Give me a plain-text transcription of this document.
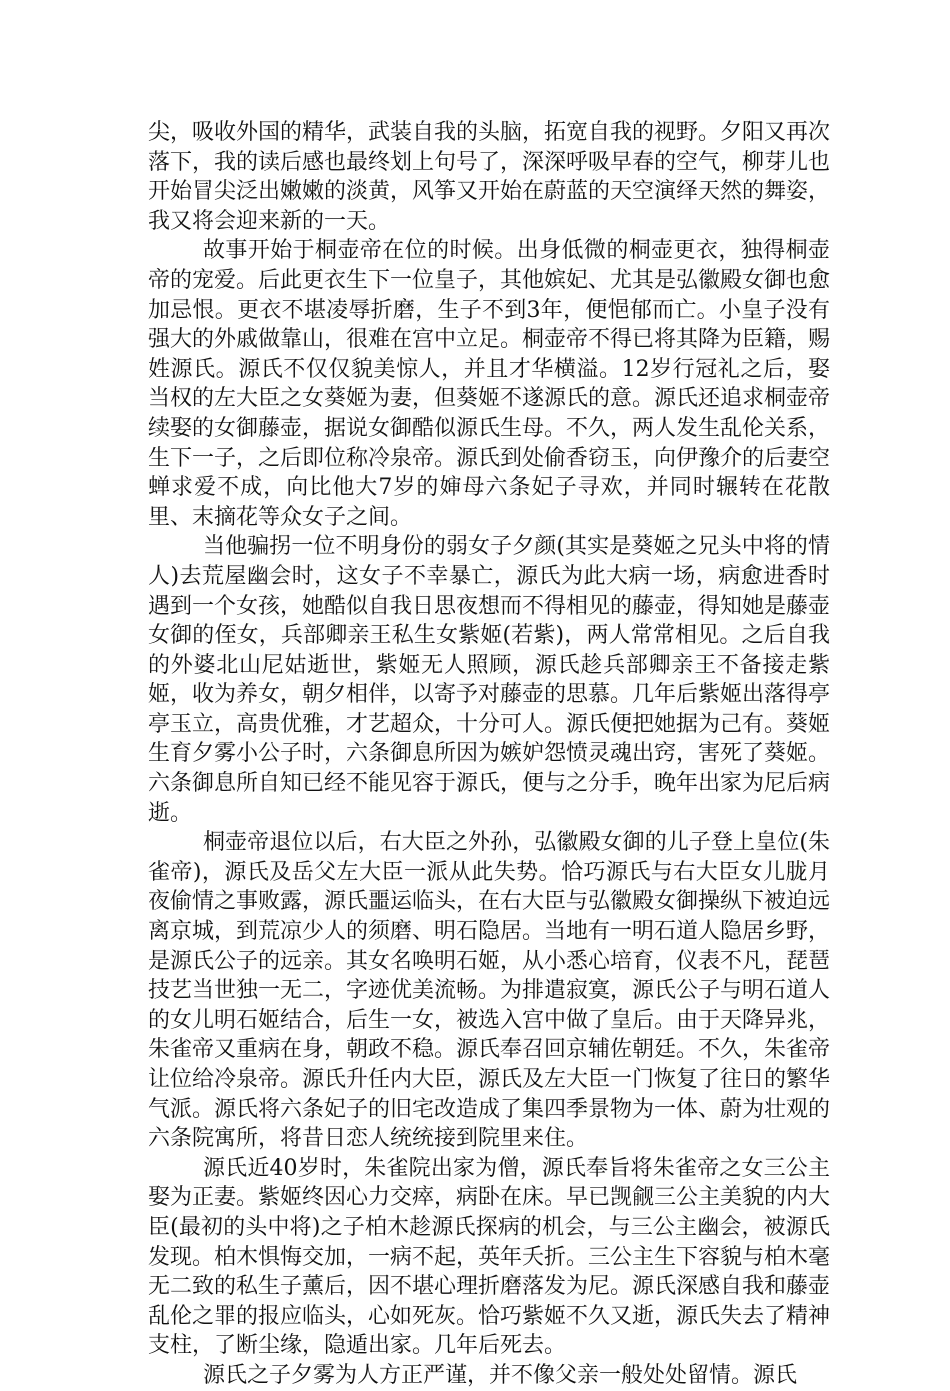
尖，吸收外国的精华，武装自我的头脑，拓宽自我的视野。夕阳又再次落下，我的读后感也最终划上句号了，深深呼吸早春的空气，柳芽儿也开始冒尖泛出嫩嫩的淡黄，风筝又开始在蔚蓝的天空演绎天然的舞姿，我又将会迎来新的一天。

故事开始于桐壶帝在位的时候。出身低微的桐壶更衣，独得桐壶帝的宠爱。后此更衣生下一位皇子，其他嫔妃、尤其是弘徽殿女御也愈加忌恨。更衣不堪凌辱折磨，生子不到3年，便悒郁而亡。小皇子没有强大的外戚做靠山，很难在宫中立足。桐壶帝不得已将其降为臣籍，赐姓源氏。源氏不仅仅貌美惊人，并且才华横溢。12岁行冠礼之后，娶当权的左大臣之女葵姬为妻，但葵姬不遂源氏的意。源氏还追求桐壶帝续娶的女御藤壶，据说女御酷似源氏生母。不久，两人发生乱伦关系，生下一子，之后即位称冷泉帝。源氏到处偷香窃玉，向伊豫介的后妻空蝉求爱不成，向比他大7岁的婶母六条妃子寻欢，并同时辗转在花散里、末摘花等众女子之间。

当他骗拐一位不明身份的弱女子夕颜(其实是葵姬之兄头中将的情人)去荒屋幽会时，这女子不幸暴亡，源氏为此大病一场，病愈进香时遇到一个女孩，她酷似自我日思夜想而不得相见的藤壶，得知她是藤壶女御的侄女，兵部卿亲王私生女紫姬(若紫)，两人常常相见。之后自我的外婆北山尼姑逝世，紫姬无人照顾，源氏趁兵部卿亲王不备接走紫姬，收为养女，朝夕相伴，以寄予对藤壶的思慕。几年后紫姬出落得亭亭玉立，高贵优雅，才艺超众，十分可人。源氏便把她据为己有。葵姬生育夕雾小公子时，六条御息所因为嫉妒怨愤灵魂出窍，害死了葵姬。六条御息所自知已经不能见容于源氏，便与之分手，晚年出家为尼后病逝。

桐壶帝退位以后，右大臣之外孙，弘徽殿女御的儿子登上皇位(朱雀帝)，源氏及岳父左大臣一派从此失势。恰巧源氏与右大臣女儿胧月夜偷情之事败露，源氏噩运临头，在右大臣与弘徽殿女御操纵下被迫远离京城，到荒凉少人的须磨、明石隐居。当地有一明石道人隐居乡野，是源氏公子的远亲。其女名唤明石姬，从小悉心培育，仪表不凡，琵琶技艺当世独一无二，字迹优美流畅。为排遣寂寞，源氏公子与明石道人的女儿明石姬结合，后生一女，被选入宫中做了皇后。由于天降异兆，朱雀帝又重病在身，朝政不稳。源氏奉召回京辅佐朝廷。不久，朱雀帝让位给冷泉帝。源氏升任内大臣，源氏及左大臣一门恢复了往日的繁华气派。源氏将六条妃子的旧宅改造成了集四季景物为一体、蔚为壮观的六条院寓所，将昔日恋人统统接到院里来住。

源氏近40岁时，朱雀院出家为僧，源氏奉旨将朱雀帝之女三公主娶为正妻。紫姬终因心力交瘁，病卧在床。早已觊觎三公主美貌的内大臣(最初的头中将)之子柏木趁源氏探病的机会，与三公主幽会，被源氏发现。柏木惧悔交加，一病不起，英年夭折。三公主生下容貌与柏木毫无二致的私生子薰后，因不堪心理折磨落发为尼。源氏深感自我和藤壶乱伦之罪的报应临头，心如死灰。恰巧紫姬不久又逝，源氏失去了精神支柱，了断尘缘，隐遁出家。几年后死去。

源氏之子夕雾为人方正严谨，并不像父亲一般处处留情。源氏
